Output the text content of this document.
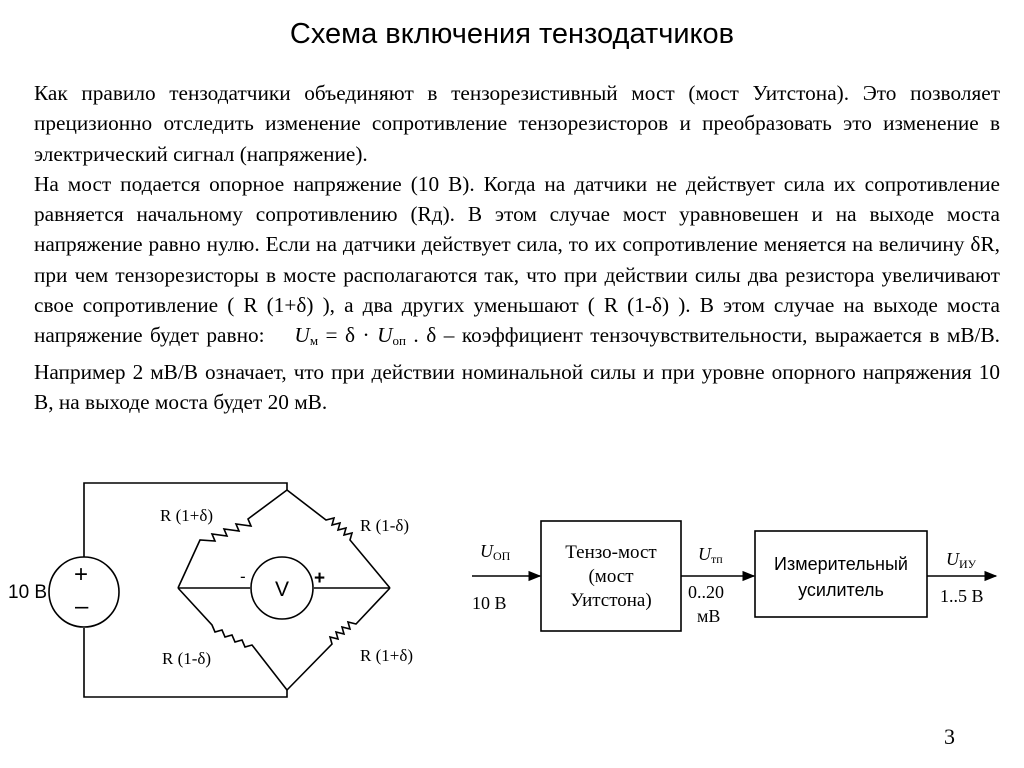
Схема включения тензодатчиков

Как правило тензодатчики объединяют в тензорезистивный мост (мост Уитстона). Это позволяет прецизионно отследить изменение сопротивление тензорезисторов и преобразовать это изменение в электрический сигнал (напряжение).

На мост подается опорное напряжение (10 В). Когда на датчики не действует сила их сопротивление равняется начальному сопротивлению (Rд). В этом случае мост уравновешен и на выходе моста напряжение равно нулю. Если на датчики действует сила, то их сопротивление меняется на величину δR, при чем тензорезисторы в мосте располагаются так, что при действии силы два резистора увеличивают свое сопротивление ( R (1+δ) ), а два других уменьшают ( R (1-δ) ). В этом случае на выходе моста напряжение будет равно: $U_м = \delta \cdot U_{оп}$ . δ – коэффициент тензочувствительности, выражается в мВ/В. Например 2 мВ/В означает, что при действии номинальной силы и при уровне опорного напряжения 10 В, на выходе моста будет 20 мВ.

10 В
+
–
R (1+δ)
R (1-δ)
R (1-δ)	R (1+δ)
V
-	+
UОП
10 В
Тензо-мост
(мост
Уитстона)
Uтп
0..20
мВ
Измерительный
усилитель
UИУ
1..5 В
3
